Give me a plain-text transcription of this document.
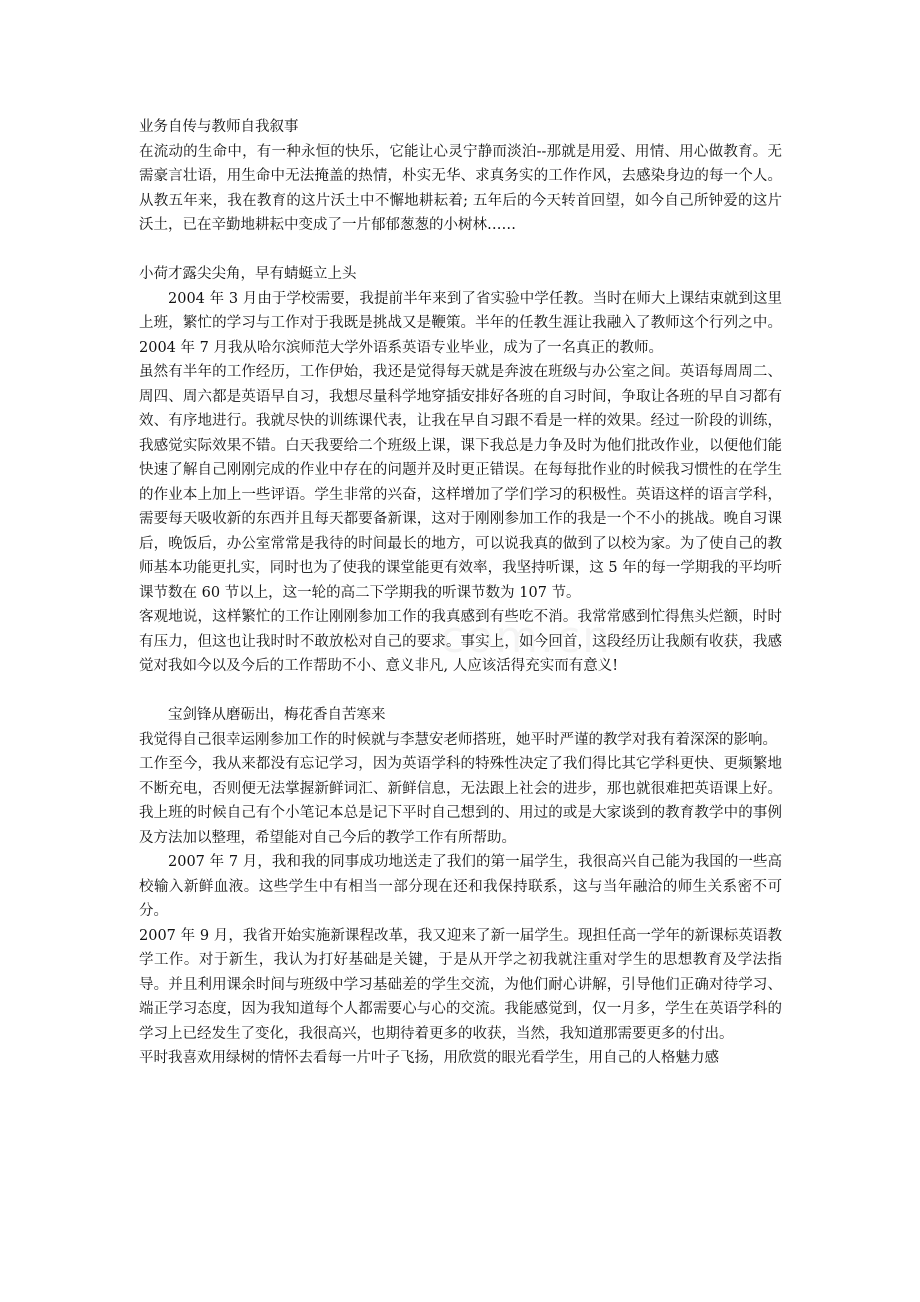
业务自传与教师自我叙事

在流动的生命中，有一种永恒的快乐，它能让心灵宁静而淡泊--那就是用爱、用情、用心做教育。无需豪言壮语，用生命中无法掩盖的热情，朴实无华、求真务实的工作作风，去感染身边的每一个人。从教五年来，我在教育的这片沃土中不懈地耕耘着; 五年后的今天转首回望，如今自己所钟爱的这片沃土，已在辛勤地耕耘中变成了一片郁郁葱葱的小树林……

小荷才露尖尖角，早有蜻蜓立上头

2004 年 3 月由于学校需要，我提前半年来到了省实验中学任教。当时在师大上课结束就到这里上班，繁忙的学习与工作对于我既是挑战又是鞭策。半年的任教生涯让我融入了教师这个行列之中。2004 年 7 月我从哈尔滨师范大学外语系英语专业毕业，成为了一名真正的教师。

虽然有半年的工作经历，工作伊始，我还是觉得每天就是奔波在班级与办公室之间。英语每周周二、周四、周六都是英语早自习，我想尽量科学地穿插安排好各班的自习时间，争取让各班的早自习都有效、有序地进行。我就尽快的训练课代表，让我在早自习跟不看是一样的效果。经过一阶段的训练，我感觉实际效果不错。白天我要给二个班级上课，课下我总是力争及时为他们批改作业，以便他们能快速了解自己刚刚完成的作业中存在的问题并及时更正错误。在每每批作业的时候我习惯性的在学生的作业本上加上一些评语。学生非常的兴奋，这样增加了学们学习的积极性。英语这样的语言学科，需要每天吸收新的东西并且每天都要备新课，这对于刚刚参加工作的我是一个不小的挑战。晚自习课后，晚饭后，办公室常常是我待的时间最长的地方，可以说我真的做到了以校为家。为了使自己的教师基本功能更扎实，同时也为了使我的课堂能更有效率，我坚持听课，这 5 年的每一学期我的平均听课节数在 60 节以上，这一轮的高二下学期我的听课节数为 107 节。

客观地说，这样繁忙的工作让刚刚参加工作的我真感到有些吃不消。我常常感到忙得焦头烂额，时时有压力，但这也让我时时不敢放松对自己的要求。事实上，如今回首，这段经历让我颇有收获，我感觉对我如今以及今后的工作帮助不小、意义非凡, 人应该活得充实而有意义!

宝剑锋从磨砺出，梅花香自苦寒来

我觉得自己很幸运刚参加工作的时候就与李慧安老师搭班，她平时严谨的教学对我有着深深的影响。

工作至今，我从来都没有忘记学习，因为英语学科的特殊性决定了我们得比其它学科更快、更频繁地不断充电，否则便无法掌握新鲜词汇、新鲜信息，无法跟上社会的进步，那也就很难把英语课上好。我上班的时候自己有个小笔记本总是记下平时自己想到的、用过的或是大家谈到的教育教学中的事例及方法加以整理，希望能对自己今后的教学工作有所帮助。

2007 年 7 月，我和我的同事成功地送走了我们的第一届学生，我很高兴自己能为我国的一些高校输入新鲜血液。这些学生中有相当一部分现在还和我保持联系，这与当年融洽的师生关系密不可分。

2007 年 9 月，我省开始实施新课程改革，我又迎来了新一届学生。现担任高一学年的新课标英语教学工作。对于新生，我认为打好基础是关键，于是从开学之初我就注重对学生的思想教育及学法指导。并且利用课余时间与班级中学习基础差的学生交流，为他们耐心讲解，引导他们正确对待学习、端正学习态度，因为我知道每个人都需要心与心的交流。我能感觉到，仅一月多，学生在英语学科的学习上已经发生了变化，我很高兴，也期待着更多的收获，当然，我知道那需要更多的付出。

平时我喜欢用绿树的情怀去看每一片叶子飞扬，用欣赏的眼光看学生，用自己的人格魅力感
